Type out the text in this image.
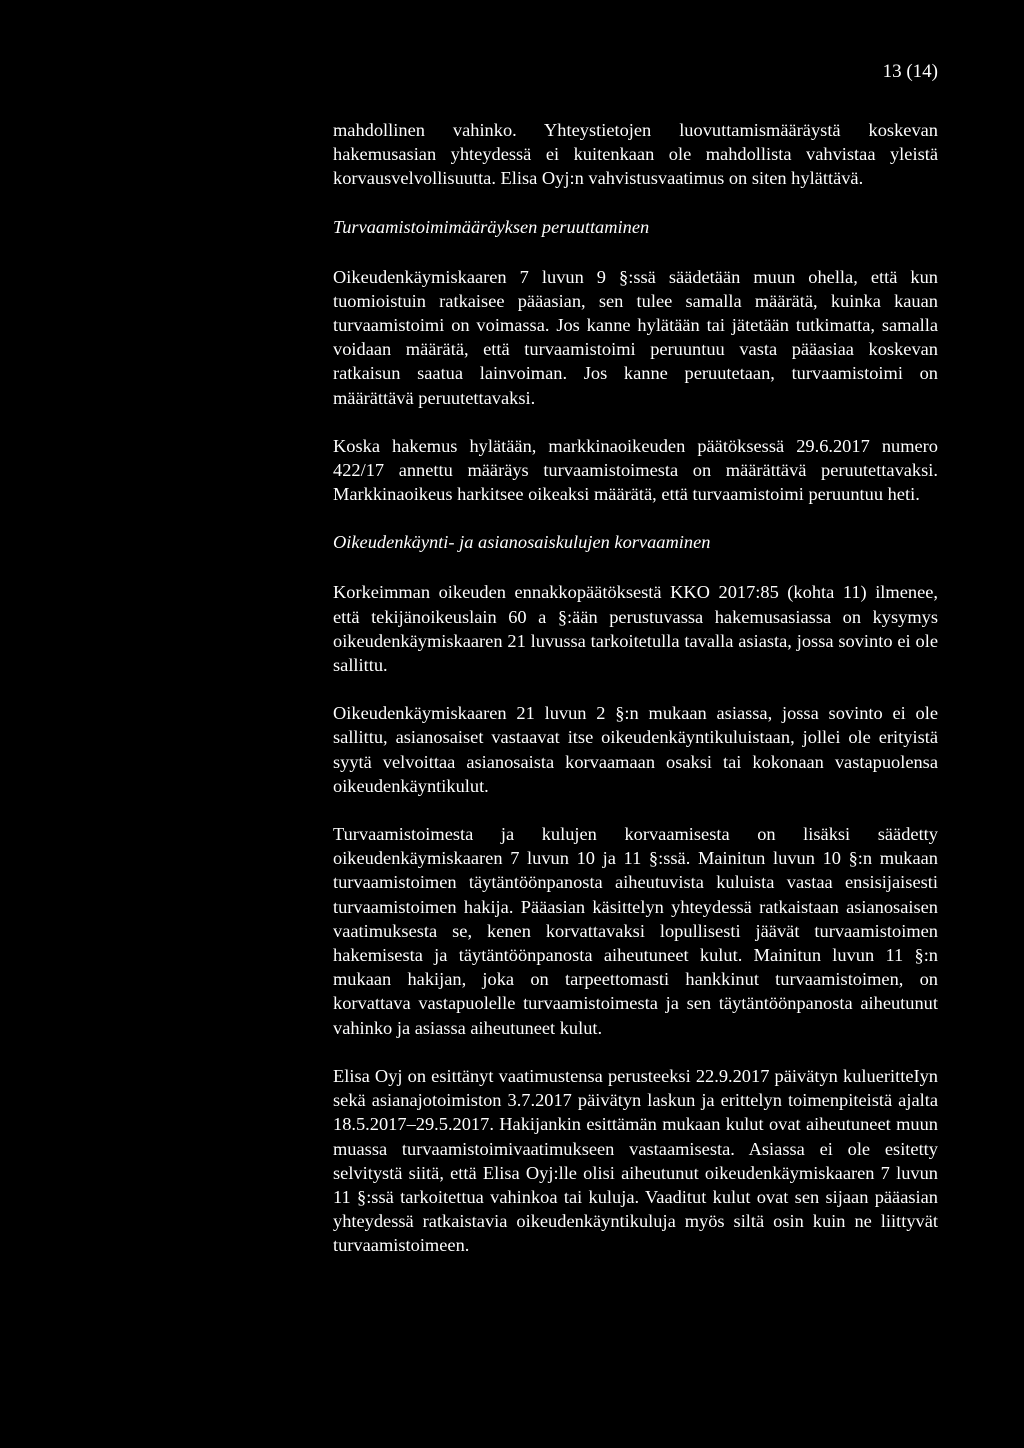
13 (14)

mahdollinen vahinko. Yhteystietojen luovuttamismääräystä koskevan hakemusasian yhteydessä ei kuitenkaan ole mahdollista vahvistaa yleistä korvausvelvollisuutta. Elisa Oyj:n vahvistusvaatimus on siten hylättävä.

Turvaamistoimimääräyksen peruuttaminen

Oikeudenkäymiskaaren 7 luvun 9 §:ssä säädetään muun ohella, että kun tuomioistuin ratkaisee pääasian, sen tulee samalla määrätä, kuinka kauan turvaamistoimi on voimassa. Jos kanne hylätään tai jätetään tutkimatta, samalla voidaan määrätä, että turvaamistoimi peruuntuu vasta pääasiaa koskevan ratkaisun saatua lainvoiman. Jos kanne peruutetaan, turvaamistoimi on määrättävä peruutettavaksi.

Koska hakemus hylätään, markkinaoikeuden päätöksessä 29.6.2017 numero 422/17 annettu määräys turvaamistoimesta on määrättävä peruutettavaksi. Markkinaoikeus harkitsee oikeaksi määrätä, että turvaamistoimi peruuntuu heti.

Oikeudenkäynti- ja asianosaiskulujen korvaaminen

Korkeimman oikeuden ennakkopäätöksestä KKO 2017:85 (kohta 11) ilmenee, että tekijänoikeuslain 60 a §:ään perustuvassa hakemusasiassa on kysymys oikeudenkäymiskaaren 21 luvussa tarkoitetulla tavalla asiasta, jossa sovinto ei ole sallittu.

Oikeudenkäymiskaaren 21 luvun 2 §:n mukaan asiassa, jossa sovinto ei ole sallittu, asianosaiset vastaavat itse oikeudenkäyntikuluistaan, jollei ole erityistä syytä velvoittaa asianosaista korvaamaan osaksi tai kokonaan vastapuolensa oikeudenkäyntikulut.

Turvaamistoimesta ja kulujen korvaamisesta on lisäksi säädetty oikeudenkäymiskaaren 7 luvun 10 ja 11 §:ssä. Mainitun luvun 10 §:n mukaan turvaamistoimen täytäntöönpanosta aiheutuvista kuluista vastaa ensisijaisesti turvaamistoimen hakija. Pääasian käsittelyn yhteydessä ratkaistaan asianosaisen vaatimuksesta se, kenen korvattavaksi lopullisesti jäävät turvaamistoimen hakemisesta ja täytäntöönpanosta aiheutuneet kulut. Mainitun luvun 11 §:n mukaan hakijan, joka on tarpeettomasti hankkinut turvaamistoimen, on korvattava vastapuolelle turvaamistoimesta ja sen täytäntöönpanosta aiheutunut vahinko ja asiassa aiheutuneet kulut.

Elisa Oyj on esittänyt vaatimustensa perusteeksi 22.9.2017 päivätyn kulueritteIyn sekä asianajotoimiston 3.7.2017 päivätyn laskun ja erittelyn toimenpiteistä ajalta 18.5.2017–29.5.2017. Hakijankin esittämän mukaan kulut ovat aiheutuneet muun muassa turvaamistoimivaatimukseen vastaamisesta. Asiassa ei ole esitetty selvitystä siitä, että Elisa Oyj:lle olisi aiheutunut oikeudenkäymiskaaren 7 luvun 11 §:ssä tarkoitettua vahinkoa tai kuluja. Vaaditut kulut ovat sen sijaan pääasian yhteydessä ratkaistavia oikeudenkäyntikuluja myös siltä osin kuin ne liittyvät turvaamistoimeen.
